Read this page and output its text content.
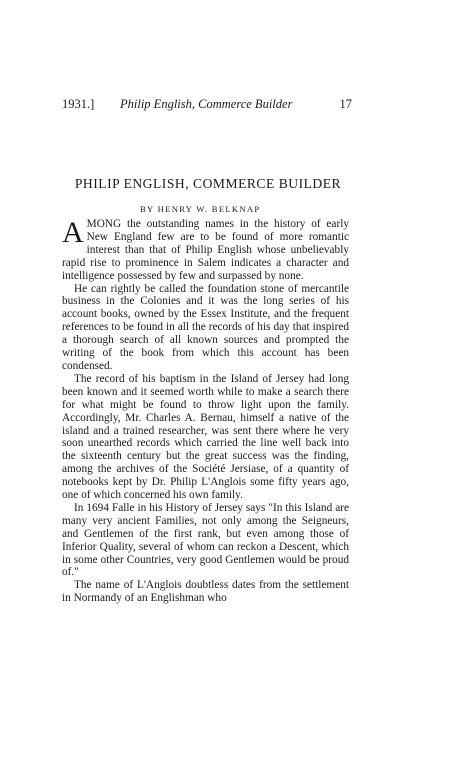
1931.] Philip English, Commerce Builder	17
PHILIP ENGLISH, COMMERCE BUILDER
BY HENRY W. BELKNAP

AMONG the outstanding names in the history of early New England few are to be found of more romantic interest than that of Philip English whose unbelievably rapid rise to prominence in Salem indicates a character and intelligence possessed by few and surpassed by none.

He can rightly be called the foundation stone of mercantile business in the Colonies and it was the long series of his account books, owned by the Essex Institute, and the frequent references to be found in all the records of his day that inspired a thorough search of all known sources and prompted the writing of the book from which this account has been condensed.

The record of his baptism in the Island of Jersey had long been known and it seemed worth while to make a search there for what might be found to throw light upon the family. Accordingly, Mr. Charles A. Bernau, himself a native of the island and a trained researcher, was sent there where he very soon unearthed records which carried the line well back into the sixteenth century but the great success was the finding, among the archives of the Société Jersiase, of a quantity of notebooks kept by Dr. Philip L'Anglois some fifty years ago, one of which concerned his own family.

In 1694 Falle in his History of Jersey says "In this Island are many very ancient Families, not only among the Seigneurs, and Gentlemen of the first rank, but even among those of Inferior Quality, several of whom can reckon a Descent, which in some other Countries, very good Gentlemen would be proud of."

The name of L'Anglois doubtless dates from the settlement in Normandy of an Englishman who
